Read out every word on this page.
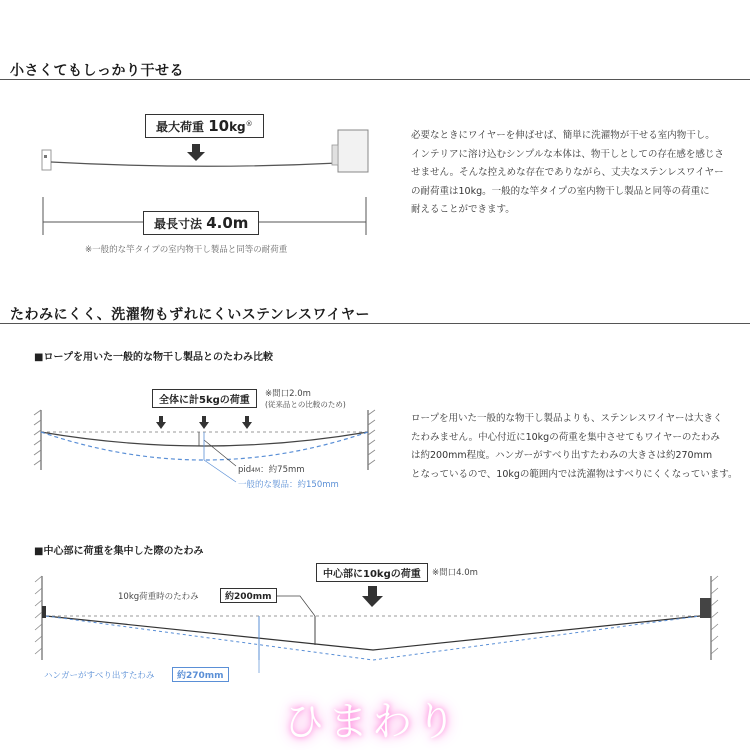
小さくてもしっかり干せる
最大荷重 10kg®
最長寸法 4.0m
※一般的な竿タイプの室内物干し製品と同等の耐荷重
必要なときにワイヤーを伸ばせば、簡単に洗濯物が干せる室内物干し。
インテリアに溶け込むシンプルな本体は、物干しとしての存在感を感じさ
せません。そんな控えめな存在でありながら、丈夫なステンレスワイヤー
の耐荷重は10kg。一般的な竿タイプの室内物干し製品と同等の荷重に
耐えることができます。
たわみにくく、洗濯物もずれにくいステンレスワイヤー
■ロープを用いた一般的な物干し製品とのたわみ比較
全体に計5kgの荷重
※間口2.0m
(従来品との比較のため)
pid4M：約75mm
一般的な製品：約150mm
ロープを用いた一般的な物干し製品よりも、ステンレスワイヤーは大きく
たわみません。中心付近に10kgの荷重を集中させてもワイヤーのたわみ
は約200mm程度。ハンガーがすべり出すたわみの大きさは約270mm
となっているので、10kgの範囲内では洗濯物はすべりにくくなっています。
■中心部に荷重を集中した際のたわみ
中心部に10kgの荷重	※間口4.0m
10kg荷重時のたわみ	約200mm
ハンガーがすべり出すたわみ	約270mm
ひまわり
